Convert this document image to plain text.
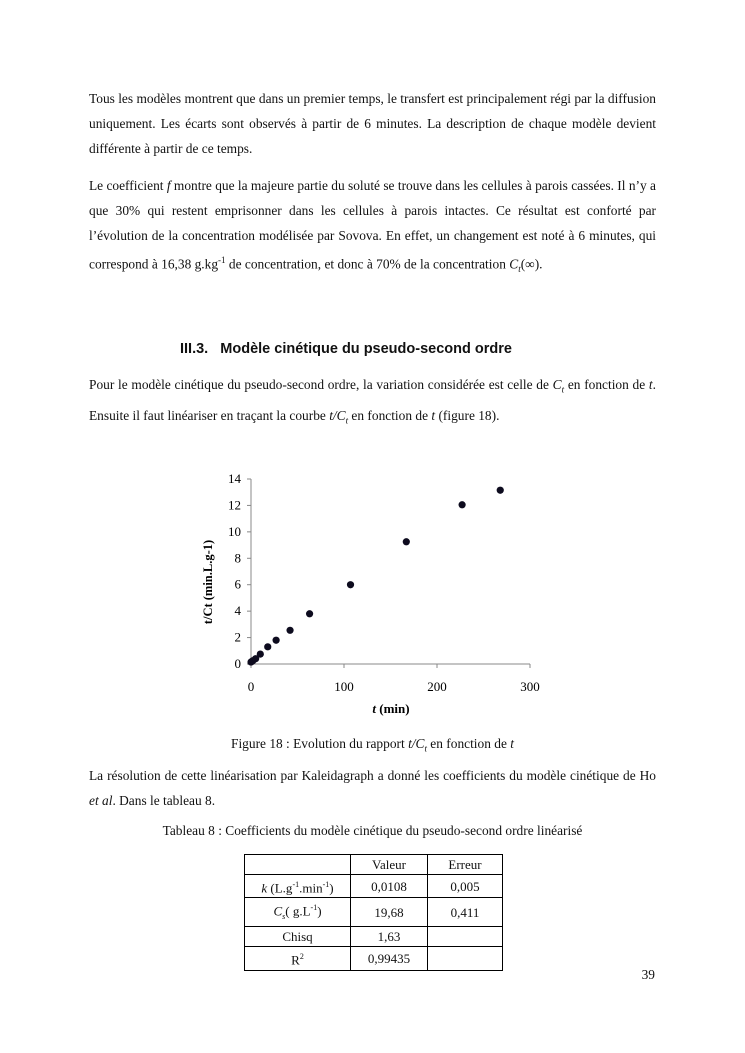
Tous les modèles montrent que dans un premier temps, le transfert est principalement régi par la diffusion uniquement. Les écarts sont observés à partir de 6 minutes. La description de chaque modèle devient différente à partir de ce temps.

Le coefficient f montre que la majeure partie du soluté se trouve dans les cellules à parois cassées. Il n’y a que 30% qui restent emprisonner dans les cellules à parois intactes. Ce résultat est conforté par l’évolution de la concentration modélisée par Sovova. En effet, un changement est noté à 6 minutes, qui correspond à 16,38 $g.kg^{-1}$ de concentration, et donc à 70% de la concentration $C_t(\infty)$.

III.3.   Modèle cinétique du pseudo-second ordre

Pour le modèle cinétique du pseudo-second ordre, la variation considérée est celle de $C_t$ en fonction de t. Ensuite il faut linéariser en traçant la courbe $t/C_t$ en fonction de t (figure 18).

t (min)
t/Ct (min.L.g-1)
0
2
4
6
8
10
12
14
0	100	200	300
Figure 18 : Evolution du rapport $t/C_t$ en fonction de t

La résolution de cette linéarisation par Kaleidagraph a donné les coefficients du modèle cinétique de Ho et al. Dans le tableau 8.

Tableau 8 : Coefficients du modèle cinétique du pseudo-second ordre linéarisé
	Valeur	Erreur
k $(L.g^{-1}.\min^{-1})$	0,0108	0,005
$C_s$( $g.L^{-1}$)	19,68	0,411
Chisq	1,63	
$R^2$	0,99435	
39
